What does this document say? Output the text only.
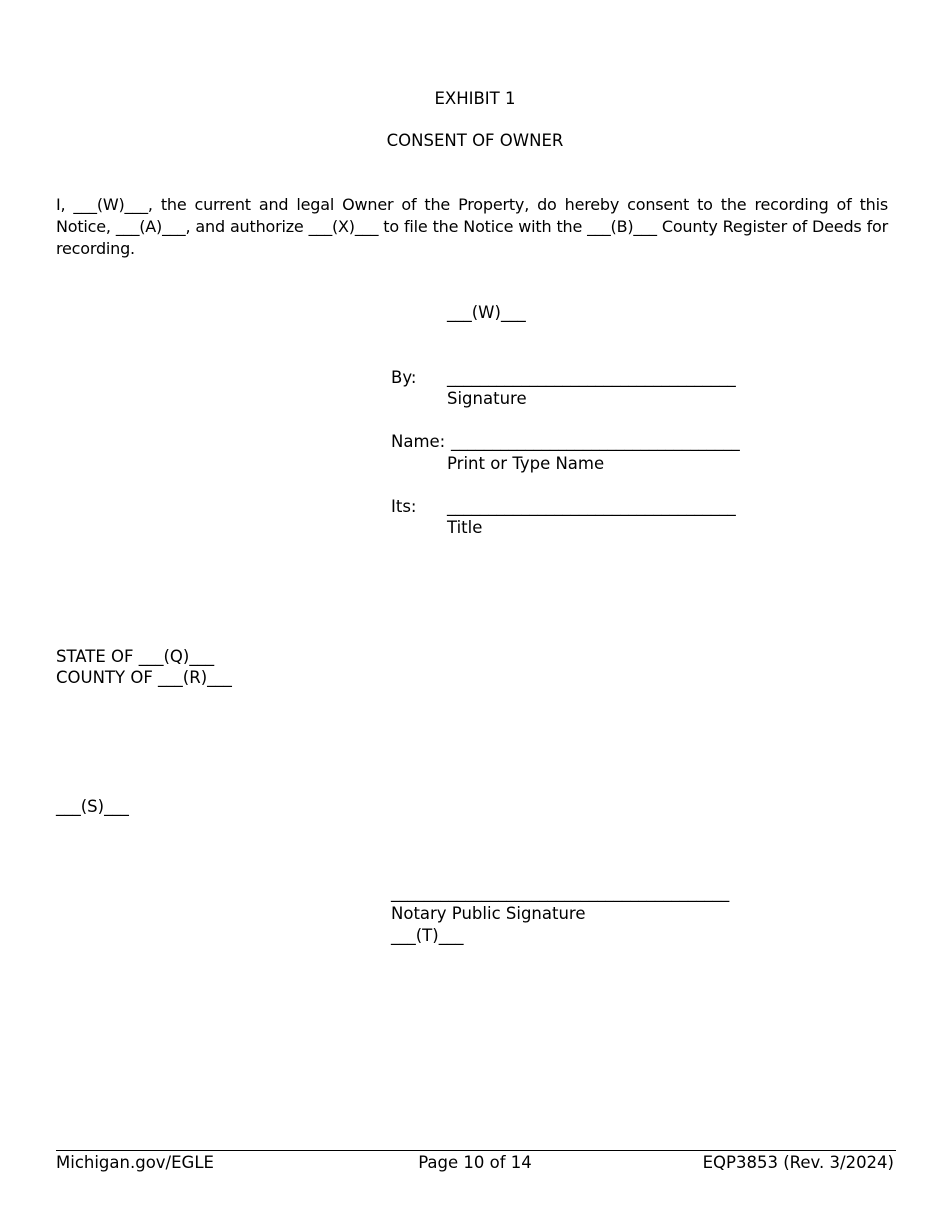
EXHIBIT 1
CONSENT OF OWNER
I, ___(W)___, the current and legal Owner of the Property, do hereby consent to the recording of this Notice, ___(A)___, and authorize ___(X)___ to file the Notice with the ___(B)___ County Register of Deeds for recording.
___(W)___
By: ___________________________________
Signature
Name: ___________________________________
Print or Type Name
Its: ___________________________________
Title
STATE OF ___(Q)___
COUNTY OF ___(R)___
___(S)___
_________________________________________
Notary Public Signature
___(T)___
Michigan.gov/EGLE	Page 10 of 14	EQP3853 (Rev. 3/2024)
